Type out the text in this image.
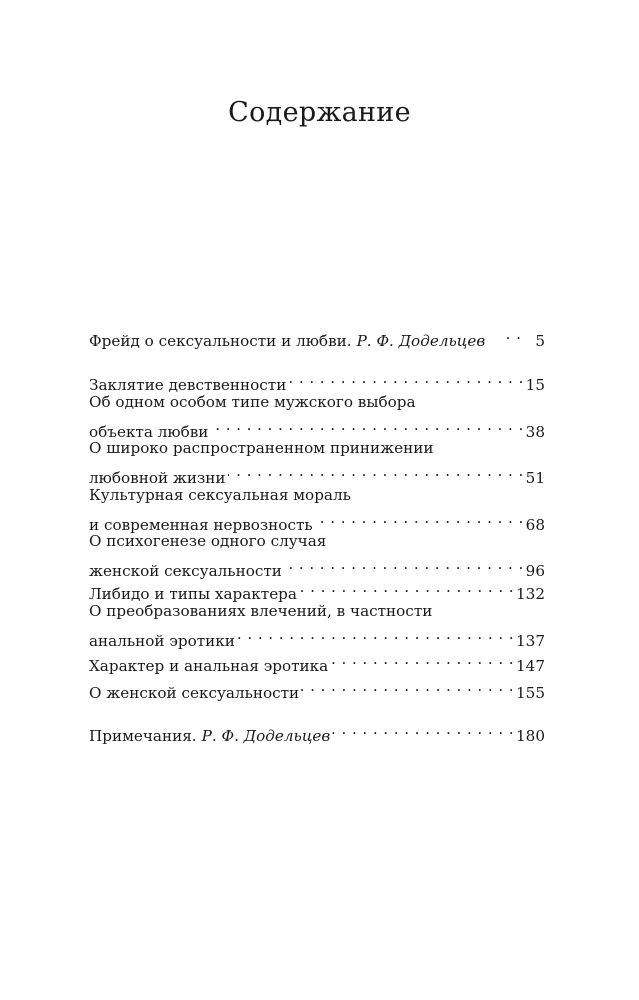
Содержание
Фрейд о сексуальности и любви. Р. Ф. Додельцев . . .	5
Заклятие девственности . . .	15
Об одном особом типе мужского выбора
объекта любви . . .	38
О широко распространенном принижении
любовной жизни . . .	51
Культурная сексуальная мораль
и современная нервозность . . .	68
О психогенезе одного случая
женской сексуальности . . .	96
Либидо и типы характера . . .	132
О преобразованиях влечений, в частности
анальной эротики . . .	137
Характер и анальная эротика . . .	147
О женской сексуальности . . .	155
Примечания. Р. Ф. Додельцев . . .	180
